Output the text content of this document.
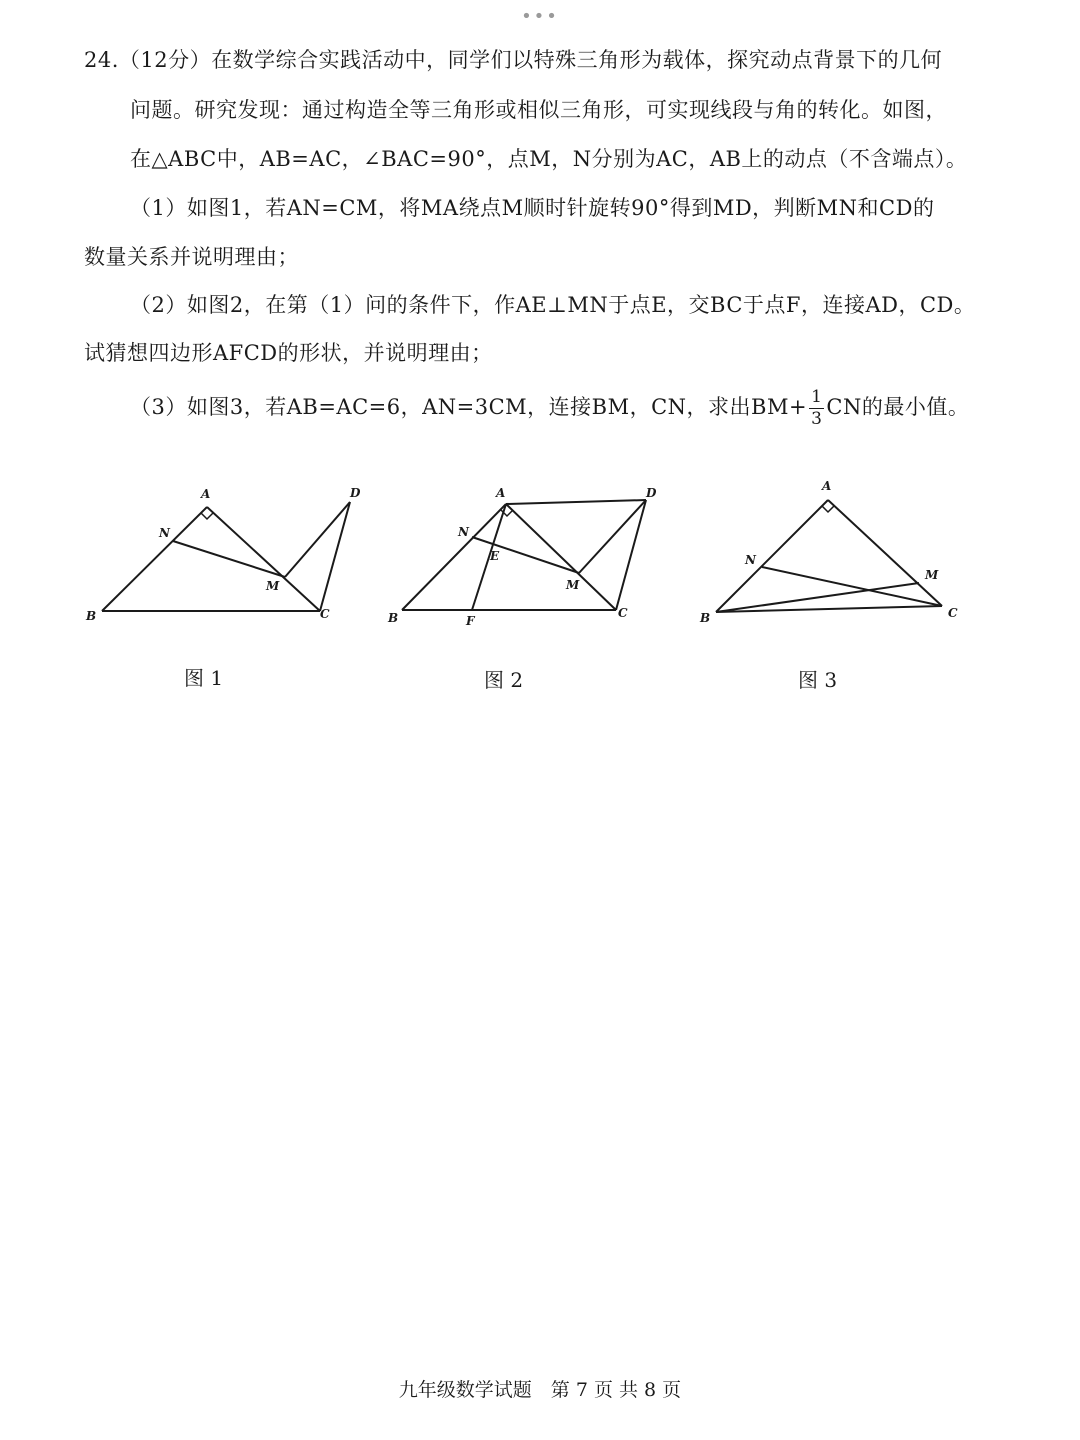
•••
24.（12分）在数学综合实践活动中，同学们以特殊三角形为载体，探究动点背景下的几何
问题。研究发现：通过构造全等三角形或相似三角形，可实现线段与角的转化。如图，
在△ABC中，AB=AC，∠BAC=90°，点M，N分别为AC，AB上的动点（不含端点）。
（1）如图1，若AN=CM，将MA绕点M顺时针旋转90°得到MD，判断MN和CD的
数量关系并说明理由；
（2）如图2，在第（1）问的条件下，作AE⊥MN于点E，交BC于点F，连接AD，CD。
试猜想四边形AFCD的形状，并说明理由；
（3）如图3，若AB=AC=6，AN=3CM，连接BM，CN，求出$BM+ \frac{1}{3}$ CN的最小值。
A
N
M
B	C
D	A
N
E
M
B	F
C
D	A
N
M
B	C
图 1	图 2	图 3
九年级数学试题　第 7 页 共 8 页
